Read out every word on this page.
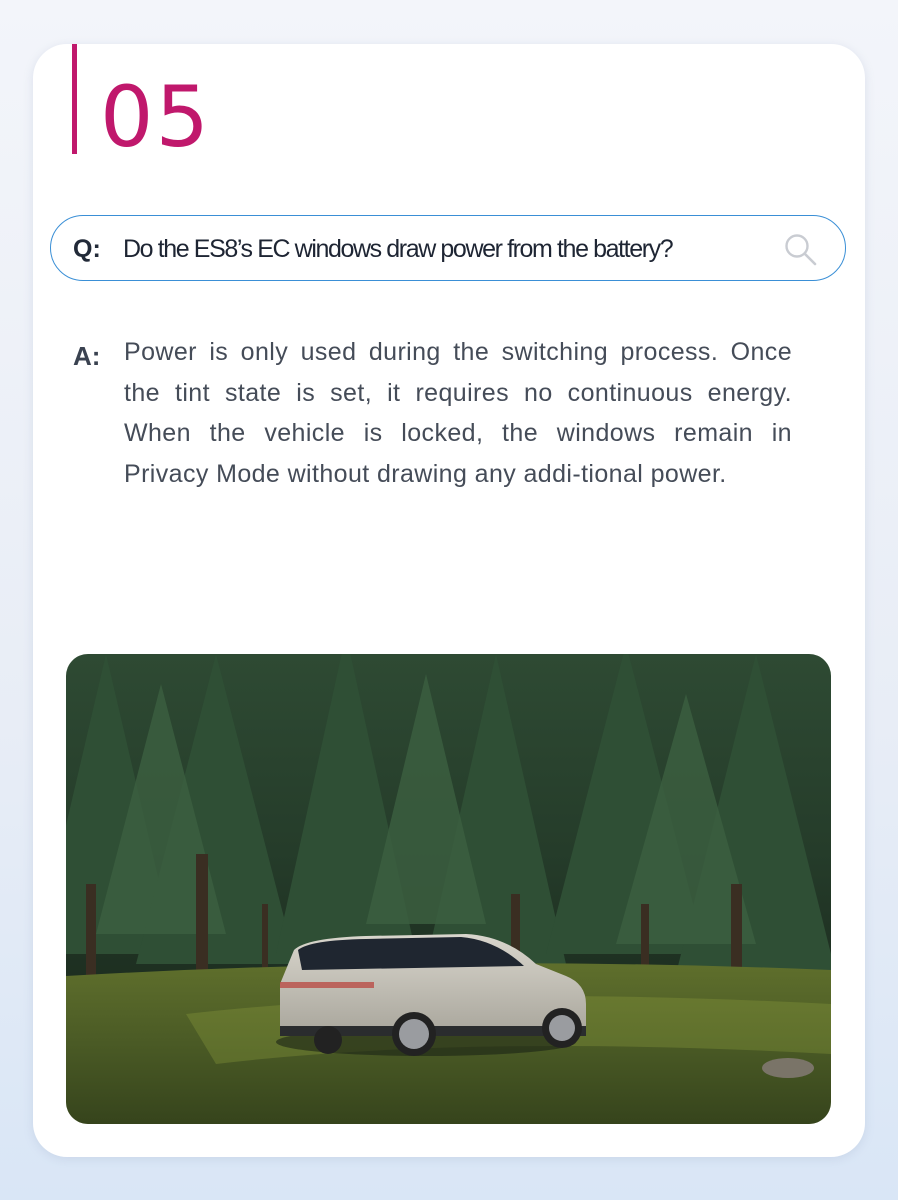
05
Q: Do the ES8’s EC windows draw power from the battery?
A: Power is only used during the switching process. Once the tint state is set, it requires no continuous energy. When the vehicle is locked, the windows remain in Privacy Mode without drawing any addi-tional power.
